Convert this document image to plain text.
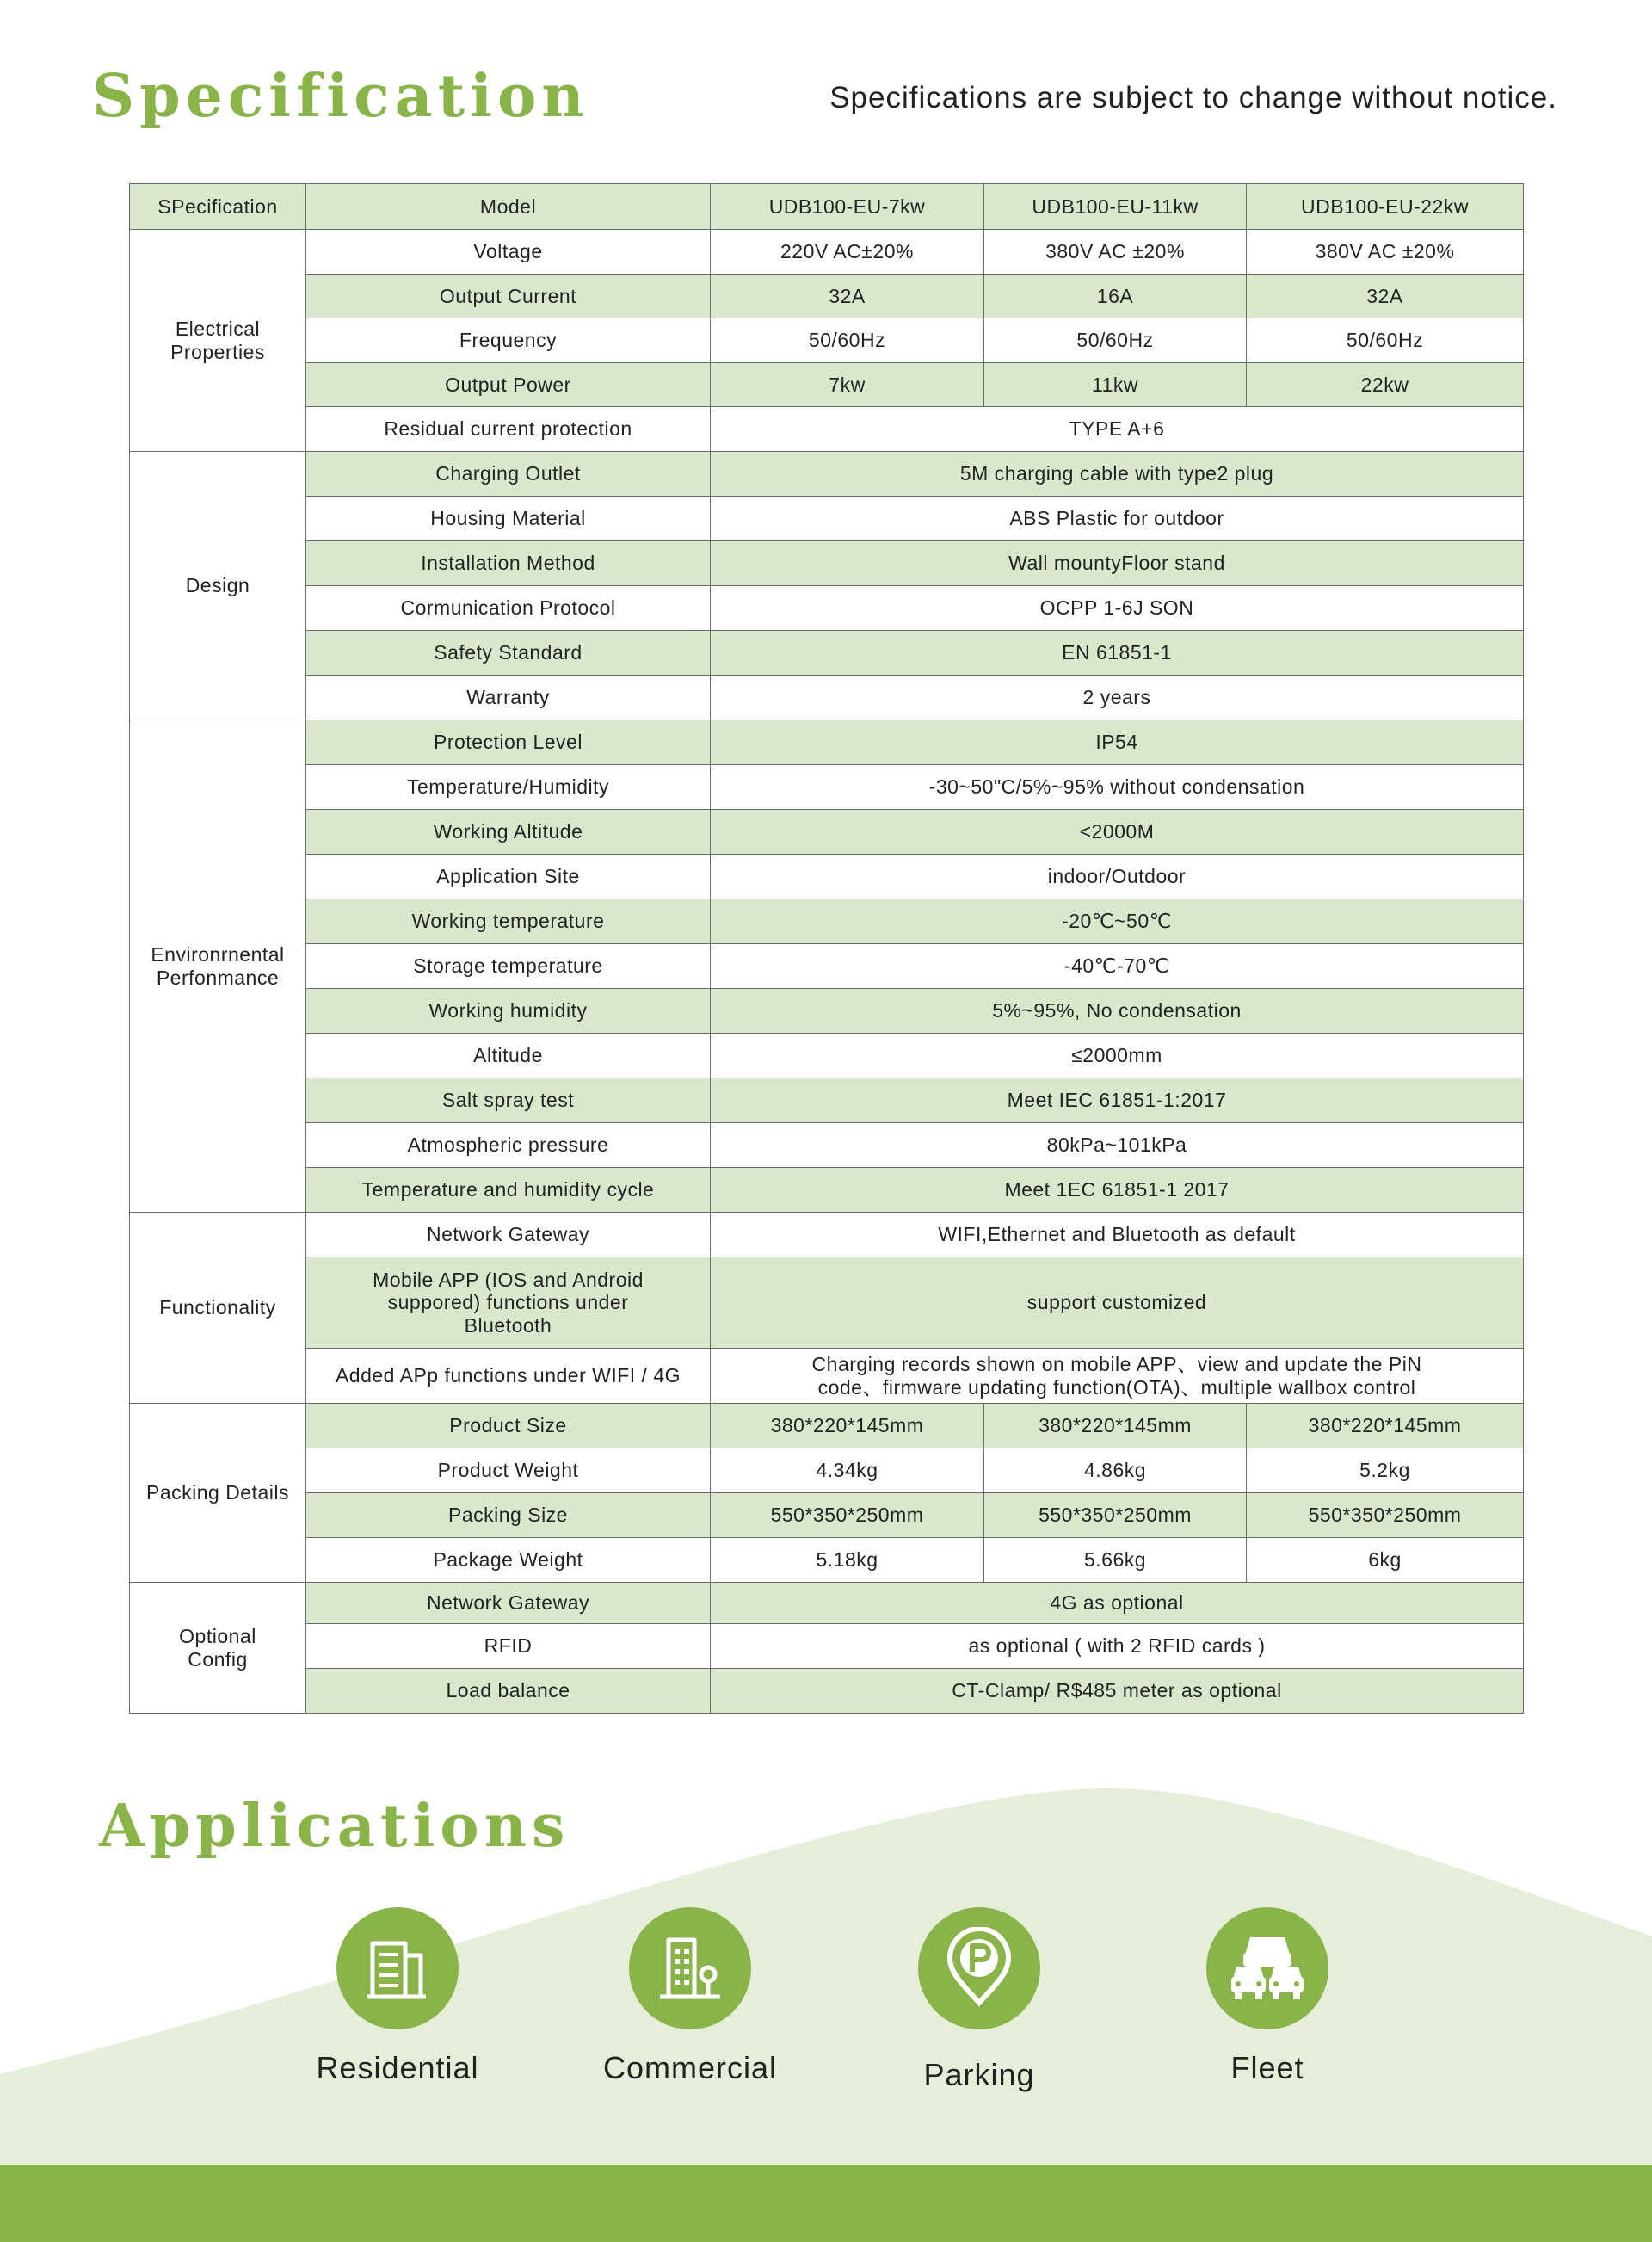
Specification	Specifications are subject to change without notice.
SPecification	Model	UDB100-EU-7kw	UDB100-EU-11kw	UDB100-EU-22kw
Electrical Properties	Voltage	220V AC±20%	380V AC ±20%	380V AC ±20%
	Output Current	32A	16A	32A
	Frequency	50/60Hz	50/60Hz	50/60Hz
	Output Power	7kw	11kw	22kw
	Residual current protection	TYPE A+6		
Design	Charging Outlet	5M charging cable with type2 plug		
	Housing Material	ABS Plastic for outdoor		
	Installation Method	Wall mountyFloor stand		
	Cormunication Protocol	OCPP 1-6J SON		
	Safety Standard	EN 61851-1		
	Warranty	2 years		
Environrnental Perfonmance	Protection Level	IP54		
	Temperature/Humidity	-30~50"C/5%~95% without condensation		
	Working Altitude	<2000M		
	Application Site	indoor/Outdoor		
	Working temperature	-20℃~50℃		
	Storage temperature	-40℃-70℃		
	Working humidity	5%~95%, No condensation		
	Altitude	≤2000mm		
	Salt spray test	Meet IEC 61851-1:2017		
	Atmospheric pressure	80kPa~101kPa		
	Temperature and humidity cycle	Meet 1EC 61851-1 2017		
Functionality	Network Gateway	WIFI,Ethernet and Bluetooth as default		
	Mobile APP (IOS and Android suppored) functions under Bluetooth	support customized		
	Added APp functions under WIFI / 4G	Charging records shown on mobile APP、view and update the PiN code、firmware updating function(OTA)、multiple wallbox control		
Packing Details	Product Size	380*220*145mm	380*220*145mm	380*220*145mm
	Product Weight	4.34kg	4.86kg	5.2kg
	Packing Size	550*350*250mm	550*350*250mm	550*350*250mm
	Package Weight	5.18kg	5.66kg	6kg
Optional Config	Network Gateway	4G as optional		
	RFID	as optional ( with 2 RFID cards )		
	Load balance	CT-Clamp/ R$485 meter as optional		
Applications
Residential	Commercial	Parking	Fleet
